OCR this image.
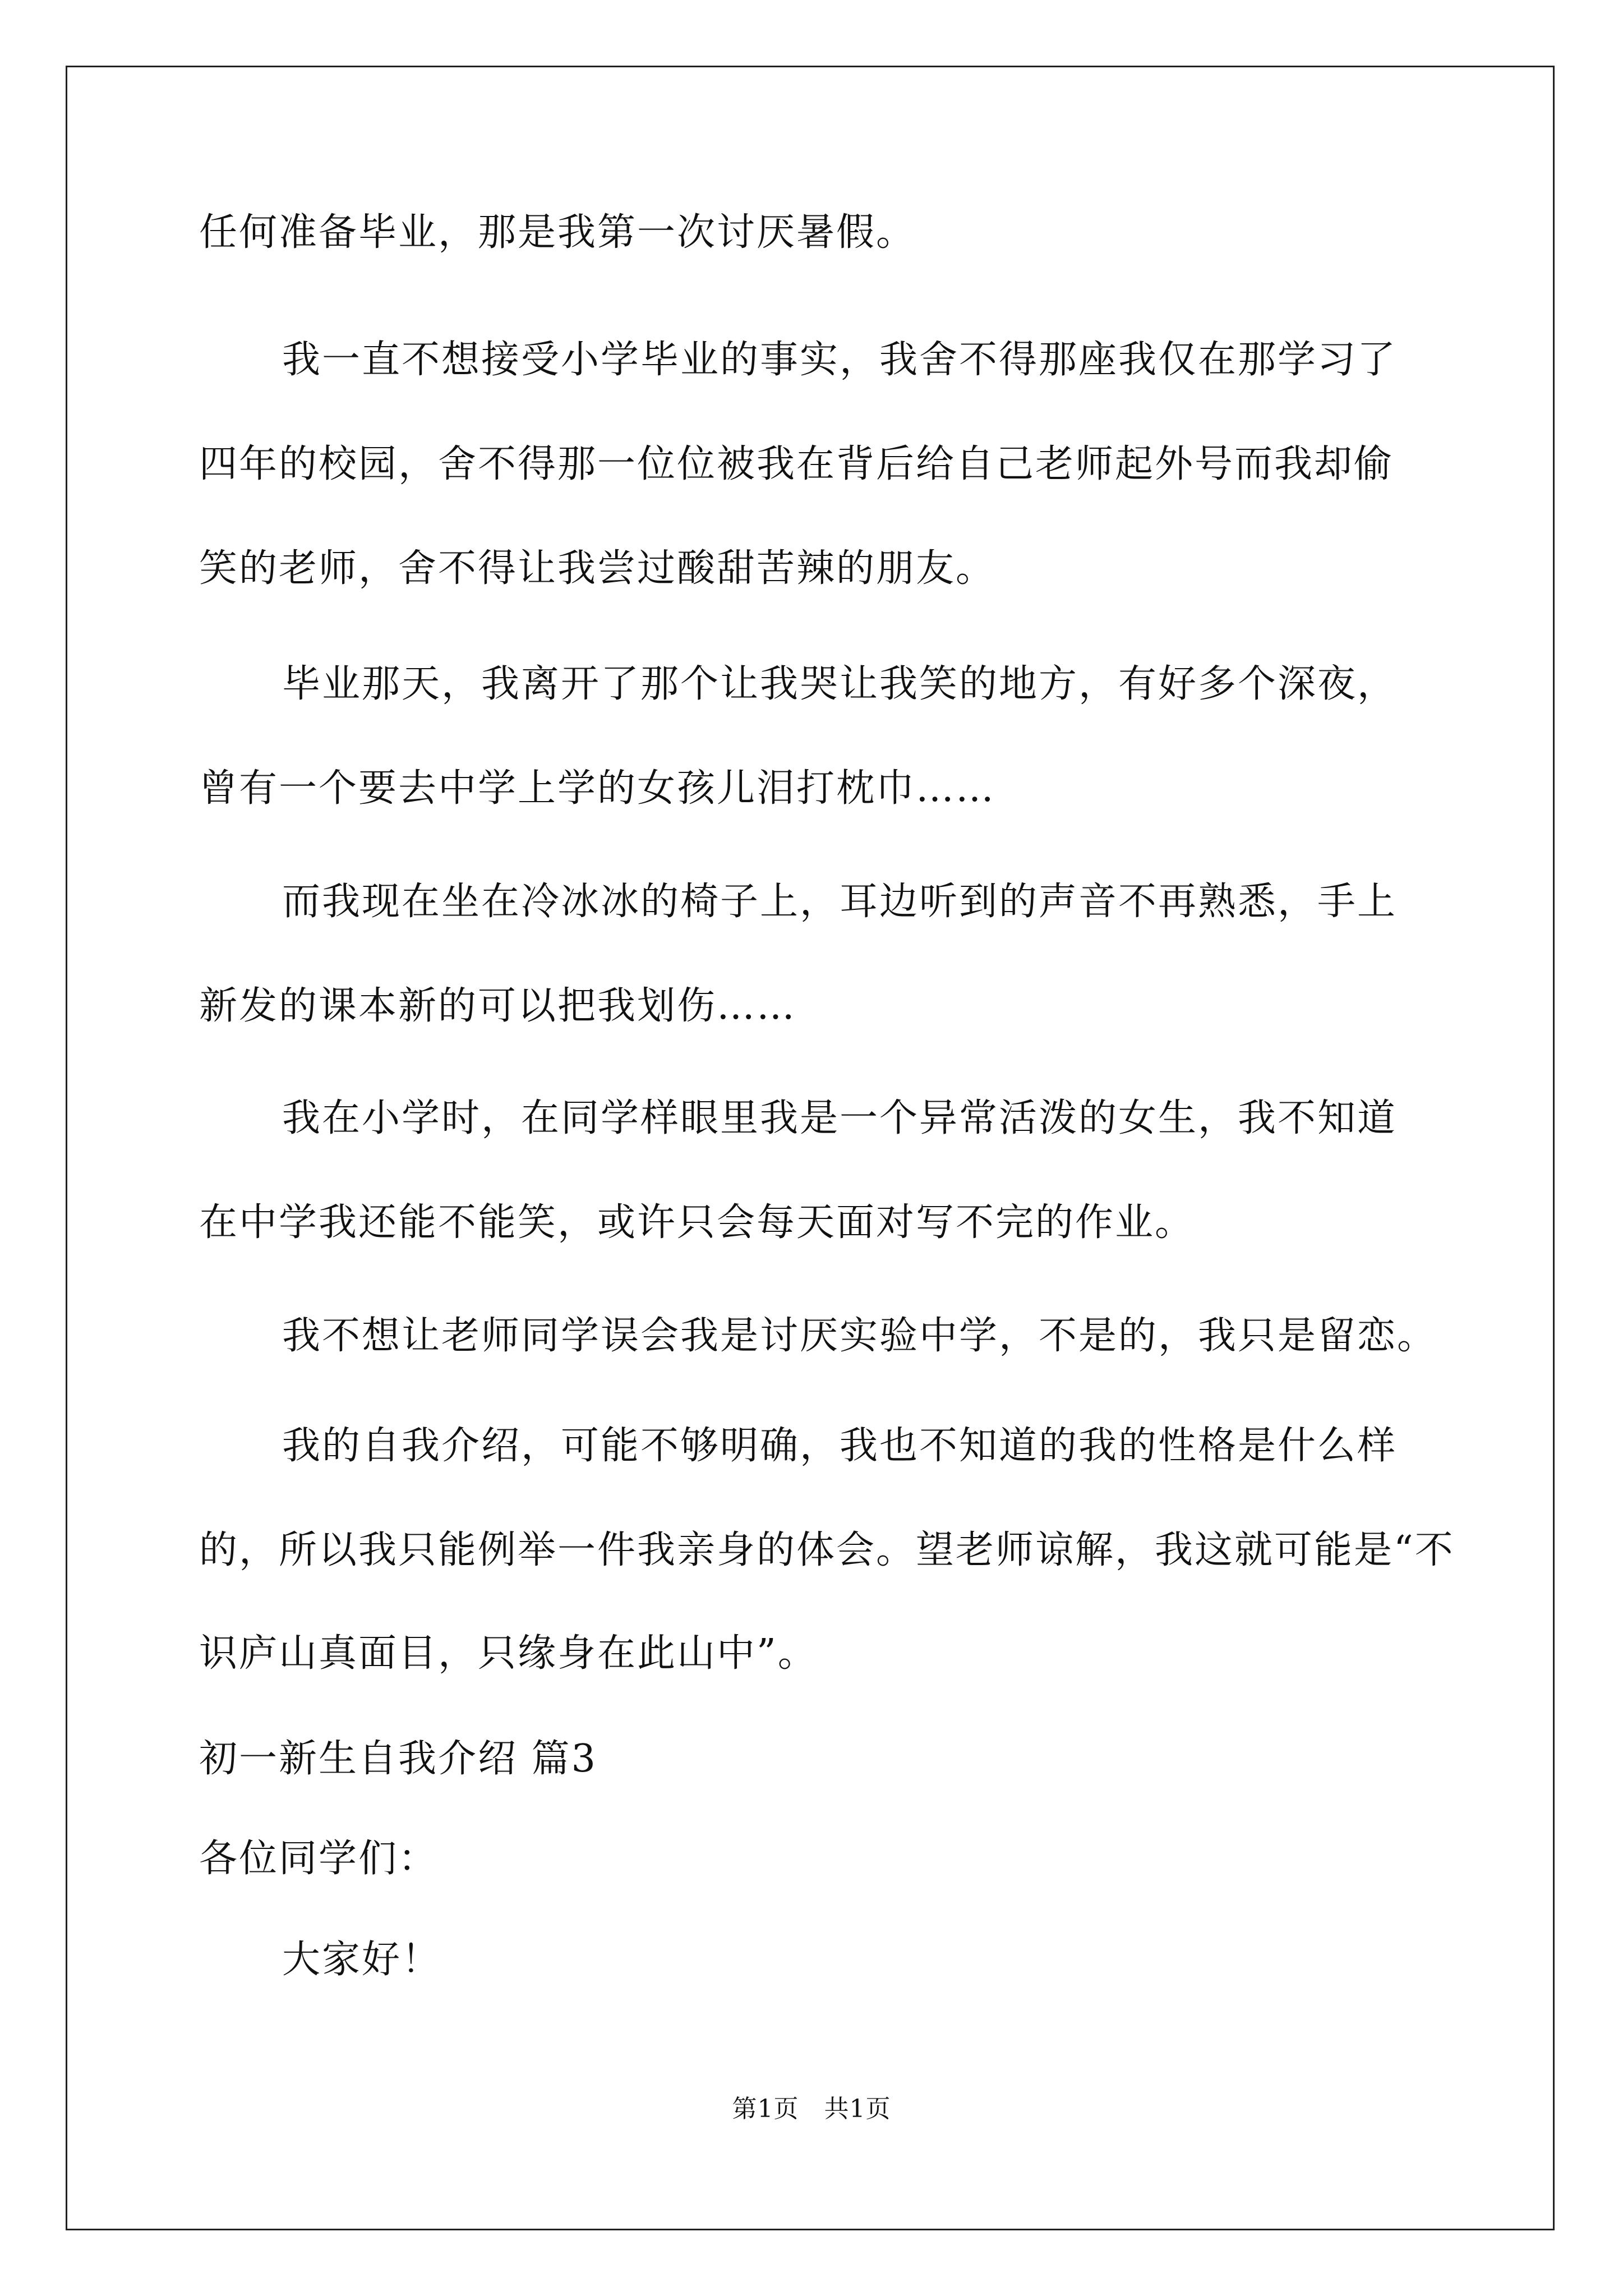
任何准备毕业，那是我第一次讨厌暑假。
我一直不想接受小学毕业的事实，我舍不得那座我仅在那学习了
四年的校园，舍不得那一位位被我在背后给自己老师起外号而我却偷
笑的老师，舍不得让我尝过酸甜苦辣的朋友。
毕业那天，我离开了那个让我哭让我笑的地方，有好多个深夜，
曾有一个要去中学上学的女孩儿泪打枕巾……
而我现在坐在冷冰冰的椅子上，耳边听到的声音不再熟悉，手上
新发的课本新的可以把我划伤……
我在小学时，在同学样眼里我是一个异常活泼的女生，我不知道
在中学我还能不能笑，或许只会每天面对写不完的作业。
我不想让老师同学误会我是讨厌实验中学，不是的，我只是留恋。
我的自我介绍，可能不够明确，我也不知道的我的性格是什么样
的，所以我只能例举一件我亲身的体会。望老师谅解，我这就可能是“不
识庐山真面目，只缘身在此山中”。
初一新生自我介绍 篇3
各位同学们：
大家好！
第1页　共1页
